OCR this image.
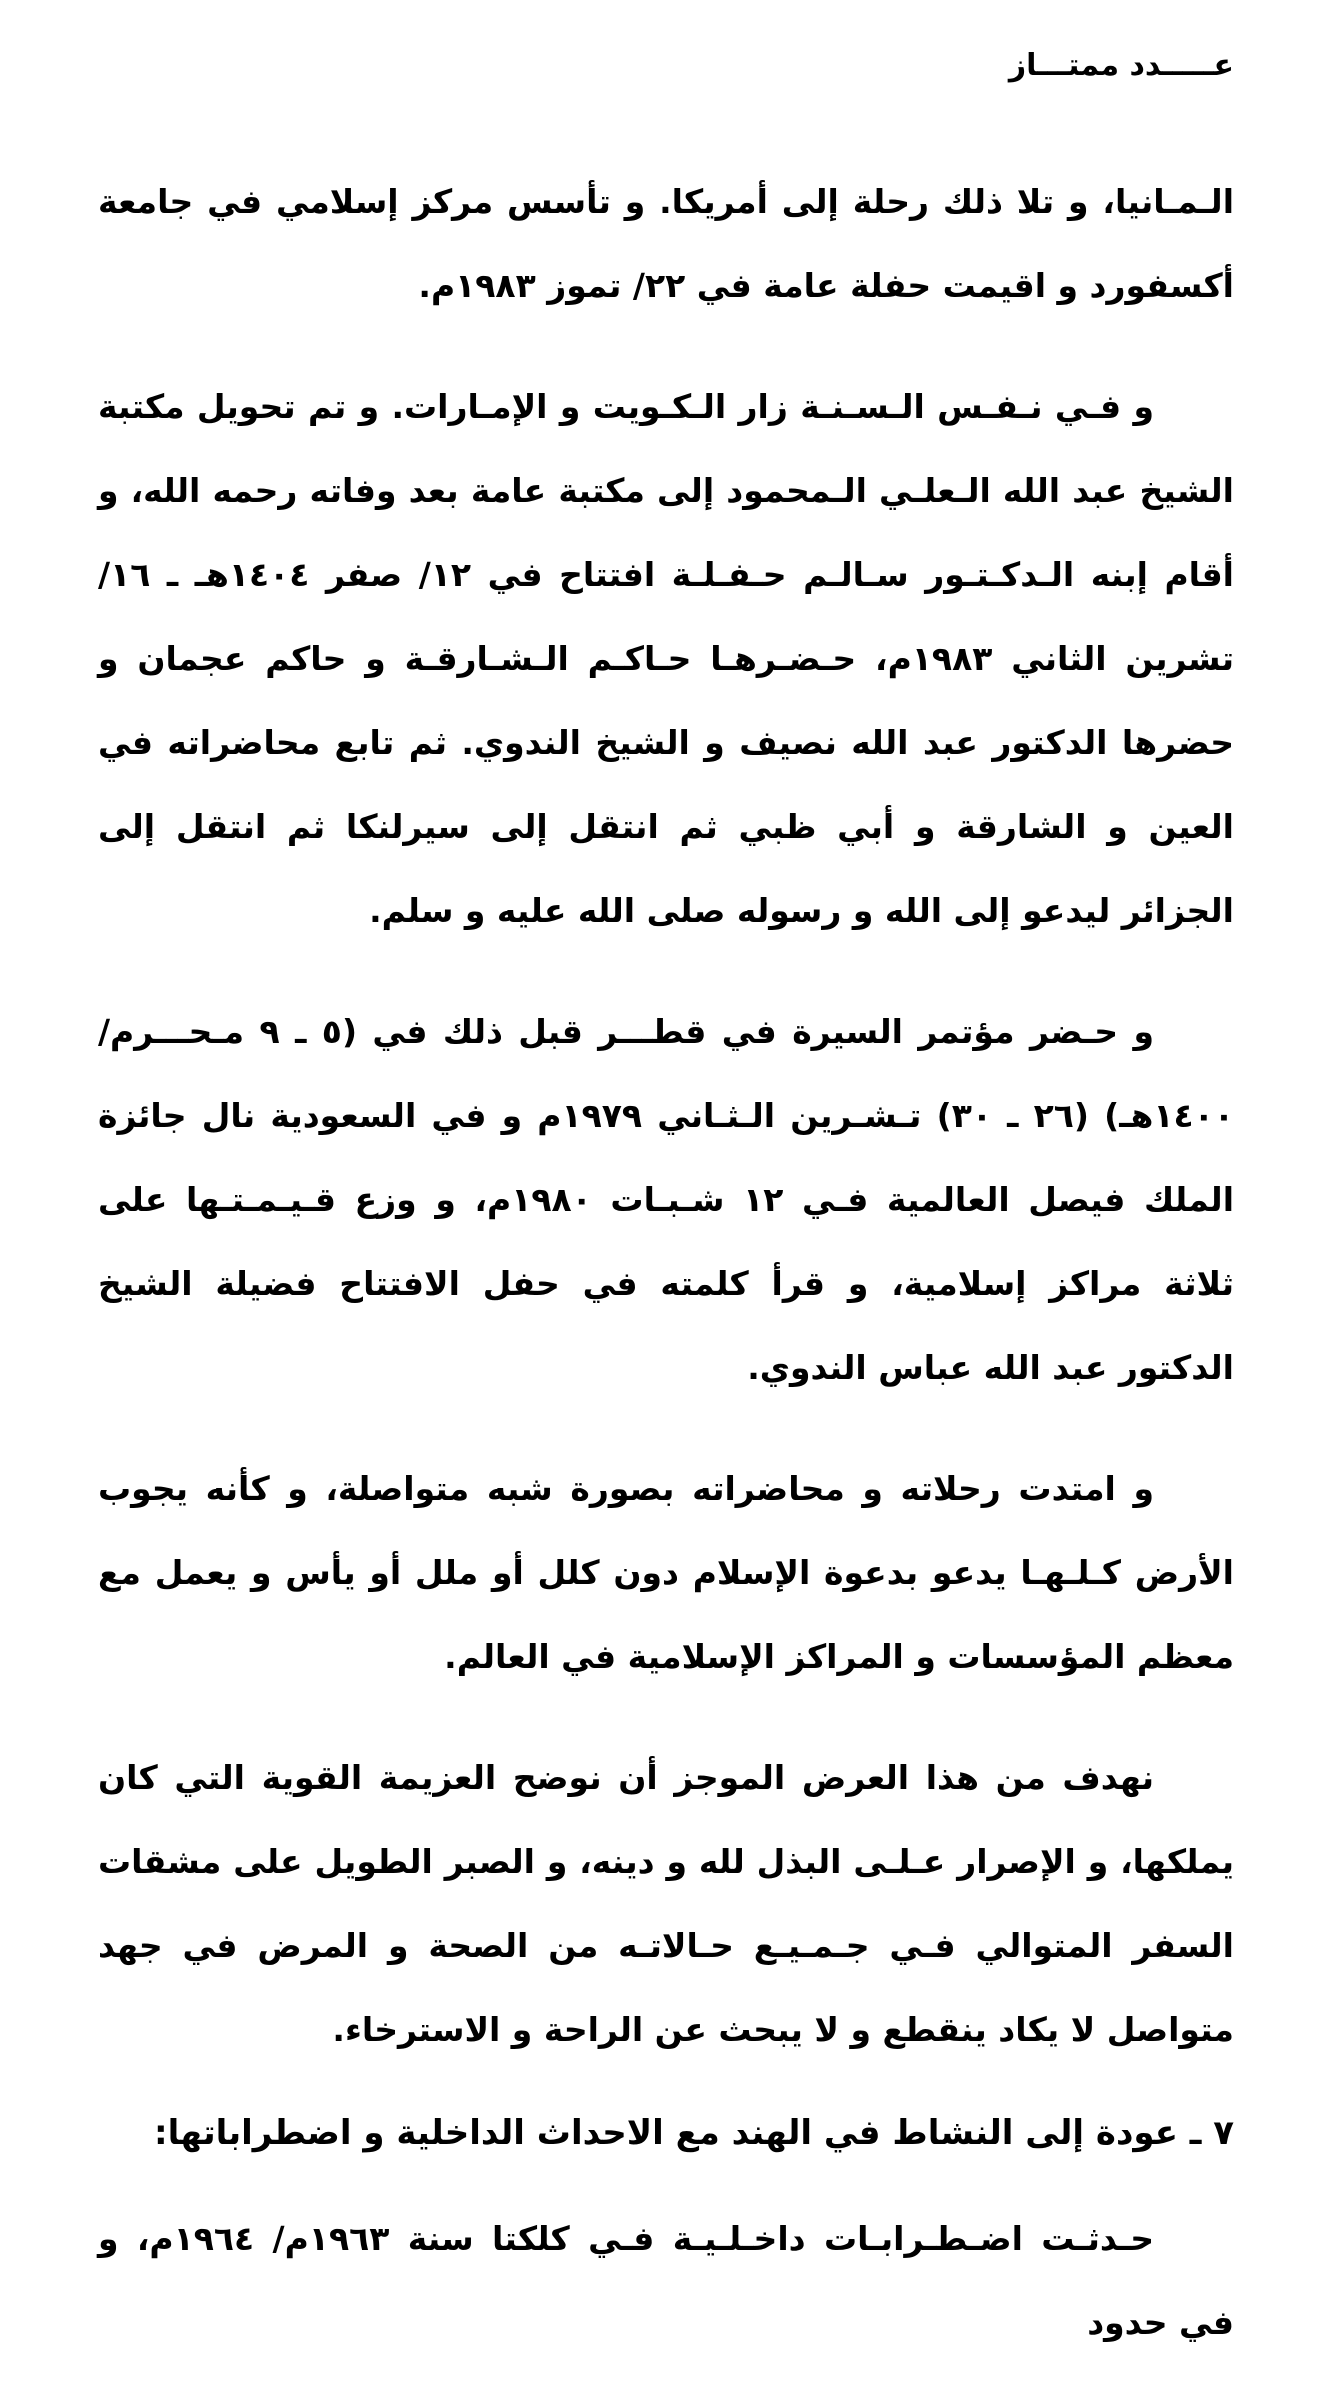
عـــــدد ممتـــاز

الـمـانيا، و تلا ذلك رحلة إلى أمريكا. و تأسس مركز إسلامي في جامعة أكسفورد و اقيمت حفلة عامة في ٢٢/ تموز ١٩٨٣م.

و فـي نـفـس الـسـنـة زار الـكـويت و الإمـارات. و تم تحويل مكتبة الشيخ عبد الله الـعلـي الـمحمود إلى مكتبة عامة بعد وفاته رحمه الله، و أقام إبنه الـدكـتـور سـالـم حـفـلـة افتتاح في ١٢/ صفر ١٤٠٤هـ ـ ١٦/ تشرين الثاني ١٩٨٣م، حـضـرهـا حـاكـم الـشـارقـة و حاكم عجمان و حضرها الدكتور عبد الله نصيف و الشيخ الندوي. ثم تابع محاضراته في العين و الشارقة و أبي ظبي ثم انتقل إلى سيرلنكا ثم انتقل إلى الجزائر ليدعو إلى الله و رسوله صلى الله عليه و سلم.

و حـضر مؤتمر السيرة في قطـــر قبل ذلك في (٥ ـ ٩ مـحـــرم/ ١٤٠٠هـ) (٢٦ ـ ٣٠) تـشـرين الـثـاني ١٩٧٩م و في السعودية نال جائزة الملك فيصل العالمية فـي ١٢ شـبـات ١٩٨٠م، و وزع قـيـمـتـها على ثلاثة مراكز إسلامية، و قرأ كلمته في حفل الافتتاح فضيلة الشيخ الدكتور عبد الله عباس الندوي.

و امتدت رحلاته و محاضراته بصورة شبه متواصلة، و كأنه يجوب الأرض كـلـهـا يدعو بدعوة الإسلام دون كلل أو ملل أو يأس و يعمل مع معظم المؤسسات و المراكز الإسلامية في العالم.

نهدف من هذا العرض الموجز أن نوضح العزيمة القوية التي كان يملكها، و الإصرار عـلـى البذل لله و دينه، و الصبر الطويل على مشقات السفر المتوالي فـي جـمـيـع حـالاتـه من الصحة و المرض في جهد متواصل لا يكاد ينقطع و لا يبحث عن الراحة و الاسترخاء.

٧ ـ عودة إلى النشاط في الهند مع الاحداث الداخلية و اضطراباتها:

حـدثـت اضـطـرابـات داخـلـيـة فـي كلكتا سنة ١٩٦٣م/ ١٩٦٤م، و في حدود
